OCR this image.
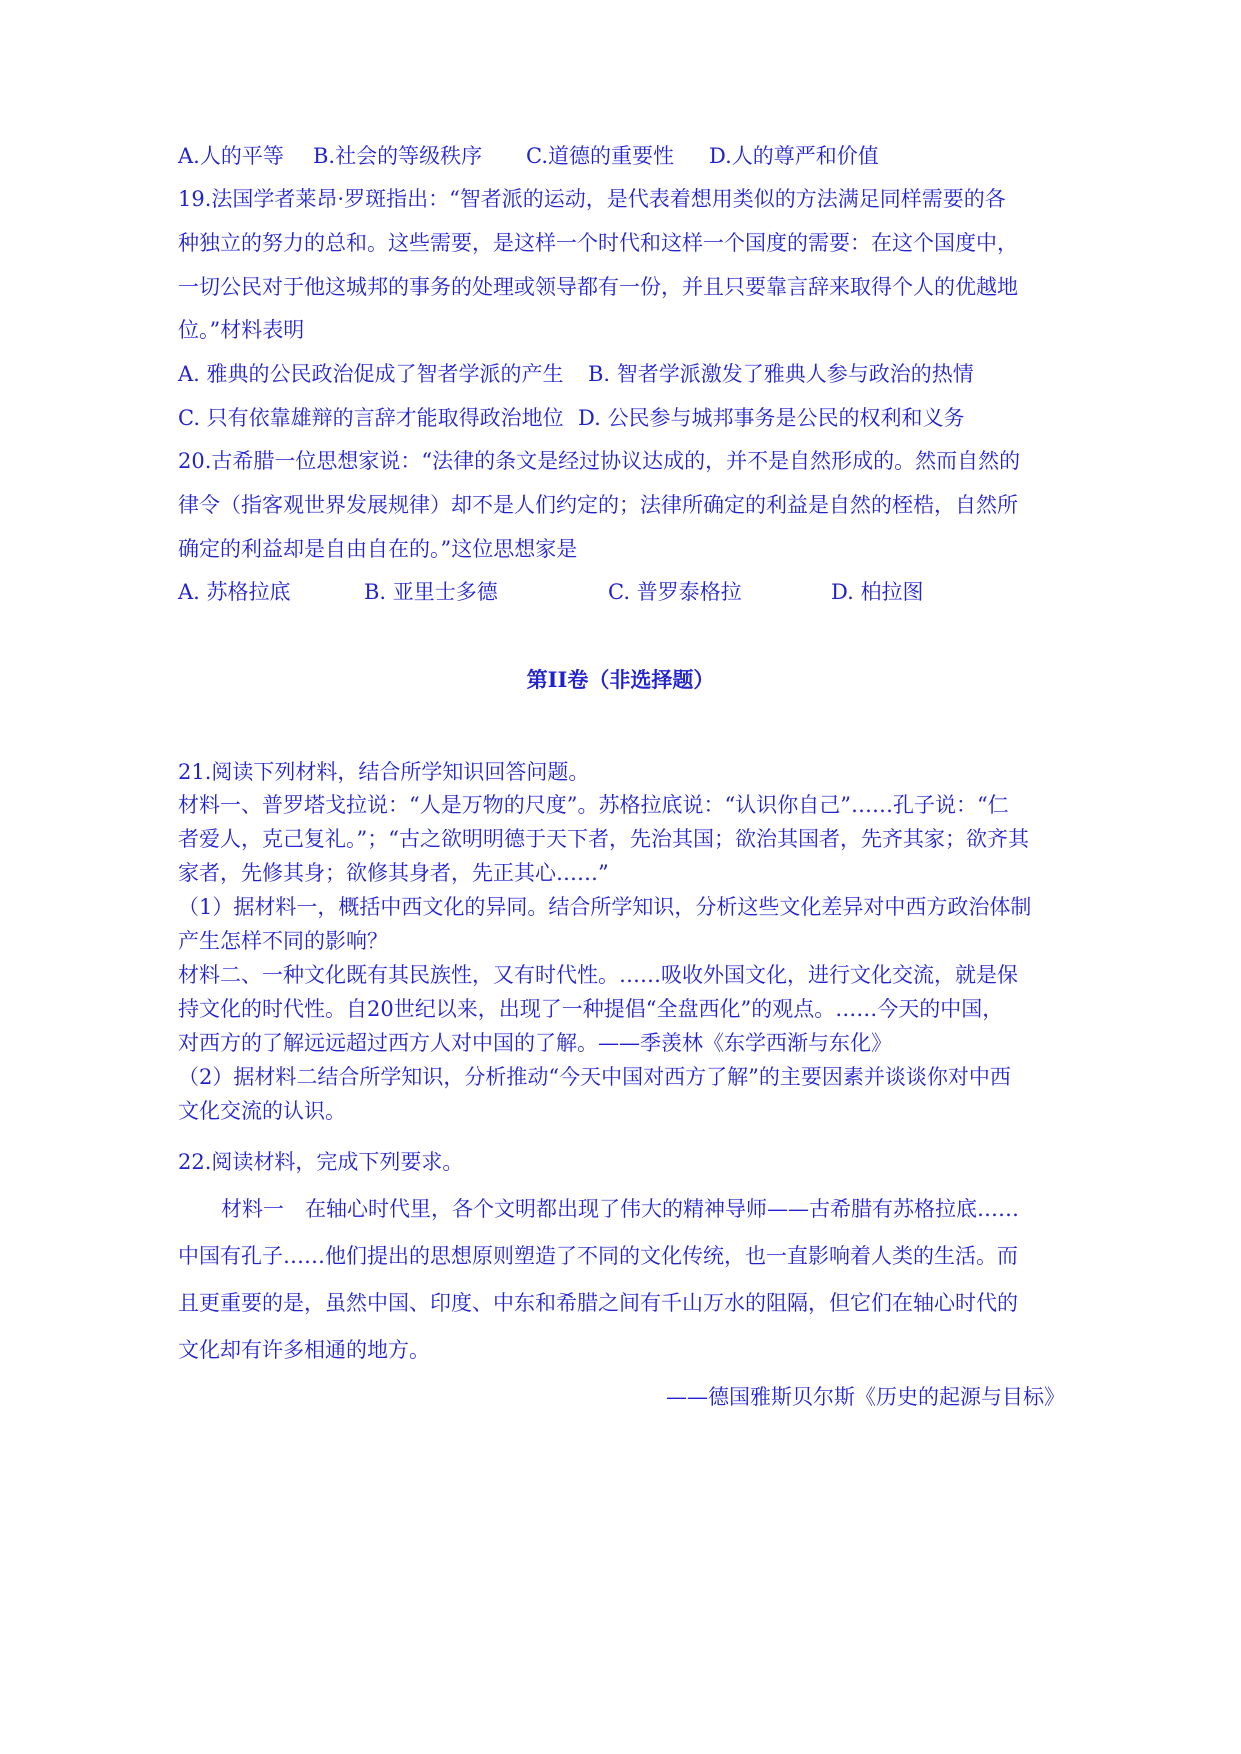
A.人的平等 B.社会的等级秩序 C.道德的重要性 D.人的尊严和价值
19.法国学者莱昂·罗斑指出：“智者派的运动，是代表着想用类似的方法满足同样需要的各
种独立的努力的总和。这些需要，是这样一个时代和这样一个国度的需要：在这个国度中，
一切公民对于他这城邦的事务的处理或领导都有一份，并且只要靠言辞来取得个人的优越地
位。”材料表明
A. 雅典的公民政治促成了智者学派的产生 B. 智者学派激发了雅典人参与政治的热情
C. 只有依靠雄辩的言辞才能取得政治地位 D. 公民参与城邦事务是公民的权利和义务
20.古希腊一位思想家说：“法律的条文是经过协议达成的，并不是自然形成的。然而自然的
律令（指客观世界发展规律）却不是人们约定的；法律所确定的利益是自然的桎梏，自然所
确定的利益却是自由自在的。”这位思想家是
A. 苏格拉底	B. 亚里士多德	C. 普罗泰格拉	D. 柏拉图
第II卷（非选择题）
21.阅读下列材料，结合所学知识回答问题。
材料一、普罗塔戈拉说：“人是万物的尺度”。苏格拉底说：“认识你自己”……孔子说：“仁
者爱人，克己复礼。”；“古之欲明明德于天下者，先治其国；欲治其国者，先齐其家；欲齐其
家者，先修其身；欲修其身者，先正其心……”
（1）据材料一，概括中西文化的异同。结合所学知识，分析这些文化差异对中西方政治体制
产生怎样不同的影响？
材料二、一种文化既有其民族性，又有时代性。……吸收外国文化，进行文化交流，就是保
持文化的时代性。自20世纪以来，出现了一种提倡“全盘西化”的观点。……今天的中国，
对西方的了解远远超过西方人对中国的了解。——季羡林《东学西渐与东化》
（2）据材料二结合所学知识，分析推动“今天中国对西方了解”的主要因素并谈谈你对中西
文化交流的认识。
22.阅读材料，完成下列要求。
材料一　在轴心时代里，各个文明都出现了伟大的精神导师——古希腊有苏格拉底……
中国有孔子……他们提出的思想原则塑造了不同的文化传统，也一直影响着人类的生活。而
且更重要的是，虽然中国、印度、中东和希腊之间有千山万水的阻隔，但它们在轴心时代的
文化却有许多相通的地方。
——德国雅斯贝尔斯《历史的起源与目标》
